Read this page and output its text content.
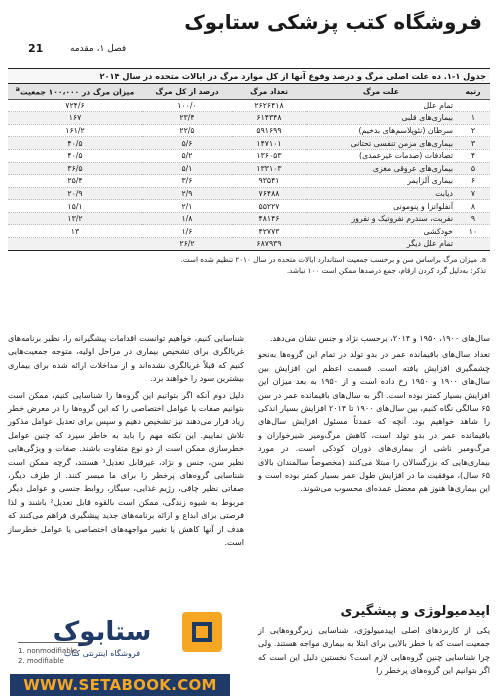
فروشگاه کتب پزشکی ستابوک
فصل ۱، مقدمه
21
جدول ۱-۱. ده علت اصلی مرگ و درصد وقوع آنها از کل موارد مرگ در ایالات متحده در سال ۲۰۱۴
رتبه	علت مرگ	تعداد مرگ	درصد از کل مرگ	میزان مرگ در ۱۰۰،۰۰۰ جمعیت$^a$
	تمام علل	۲۶۲۶۴۱۸	۱۰۰/۰	۷۲۴/۶
۱	بیماری‌های قلبی	۶۱۴۳۴۸	۲۳/۴	۱۶۷
۲	سرطان (نئوپلاسم‌های بدخیم)	۵۹۱۶۹۹	۲۲/۵	۱۶۱/۲
۳	بیماری‌های مزمن تنفسی تحتانی	۱۴۷۱۰۱	۵/۶	۴۰/۵
۴	تصادفات (صدمات غیرعمدی)	۱۳۶۰۵۳	۵/۲	۴۰/۵
۵	بیماری‌های عروقی مغزی	۱۳۳۱۰۳	۵/۱	۳۶/۵
۶	بیماری آلزایمر	۹۳۵۴۱	۳/۶	۲۵/۴
۷	دیابت	۷۶۴۸۸	۲/۹	۲۰/۹
۸	آنفلوانزا و پنومونی	۵۵۲۲۷	۲/۱	۱۵/۱
۹	نفریت، سندرم نفروتیک و نفروز	۴۸۱۴۶	۱/۸	۱۳/۲
۱۰	خودکشی	۴۲۷۷۳	۱/۶	۱۳
	تمام علل دیگر	۶۸۷۹۳۹	۲۶/۲	
a. میزان مرگ براساس سن و برحسب جمعیت استاندارد ایالات متحده در سال ۲۰۱۰ تنظیم شده است.
تذکر: به‌دلیل گرد کردن ارقام، جمع درصدها ممکن است ۱۰۰ نباشد.

سال‌های ۱۹۰۰، ۱۹۵۰ و ۲۰۱۴، برحسب نژاد و جنس نشان می‌دهد.

تعداد سال‌های باقیمانده عمر در بدو تولد در تمام این گروه‌ها به‌نحو چشمگیری افزایش یافته است. قسمت اعظم این افزایش بین سال‌های ۱۹۰۰ و ۱۹۵۰ رخ داده است و از ۱۹۵۰ به بعد میزان این افزایش بسیار کمتر بوده است. اگر به سال‌های باقیمانده عمر در سن ۶۵ سالگی نگاه کنیم، بین سال‌های ۱۹۰۰ تا ۲۰۱۴ افزایش بسیار اندکی را شاهد خواهیم بود. آنچه که عمدتاً مسئول افزایش سال‌های باقیمانده عمر در بدو تولد است، کاهش مرگ‌ومیر شیرخواران و مرگ‌ومیر ناشی از بیماری‌های دوران کودکی است. در مورد بیماری‌هایی که بزرگسالان را مبتلا می‌کنند (مخصوصاً سالمندان بالای ۶۵ سال)، موفقیت ما در افزایش طول عمر بسیار کمتر بوده است و این بیماری‌ها هنوز هم معضل عمده‌ای محسوب می‌شوند.

اپیدمیولوژی و پیشگیری

یکی از کاربردهای اصلی اپیدمیولوژی، شناسایی زیرگروه‌هایی از جمعیت است که با خطر بالایی برای ابتلا به بیماری مواجه هستند. ولی چرا شناسایی چنین گروه‌هایی لازم است؟ نخستین دلیل این است که اگر بتوانیم این گروه‌های پرخطر را

شناسایی کنیم، خواهیم توانست اقدامات پیشگیرانه را، نظیر برنامه‌های غربالگری برای تشخیص بیماری در مراحل اولیه، متوجه جمعیت‌هایی کنیم که قبلاً غربالگری نشده‌اند و از مداخلات ارائه شده برای بیماری بیشترین سود را خواهند برد.

دلیل دوم آنکه اگر بتوانیم این گروه‌ها را شناسایی کنیم، ممکن است بتوانیم صفات یا عوامل اختصاصی را که این گروه‌ها را در معرض خطر زیاد قرار می‌دهند نیز تشخیص دهیم و سپس برای تعدیل عوامل مذکور تلاش نماییم. این نکته مهم را باید به خاطر سپرد که چنین عوامل خطرسازی ممکن است از دو نوع متفاوت باشند. صفات و ویژگی‌هایی نظیر سن، جنس و نژاد، غیرقابل تعدیل¹ هستند، گرچه ممکن است شناسایی گروه‌های پرخطر را برای ما میسر کنند. از طرف دیگر، صفاتی نظیر چاقی، رژیم غذایی، سیگار، روابط جنسی و عوامل دیگر مربوط به شیوه زندگی، ممکن است بالقوه قابل تعدیل² باشند و لذا فرصتی برای ابداع و ارائه برنامه‌های جدید پیشگیری فراهم می‌کنند که هدف از آنها کاهش یا تغییر مواجهه‌های اختصاصی یا عوامل خطرساز است.

ستابوک
فروشگاه اینترنتی کتاب
1. nonmodifiable
2. modifiable
WWW.SETABOOK.COM
